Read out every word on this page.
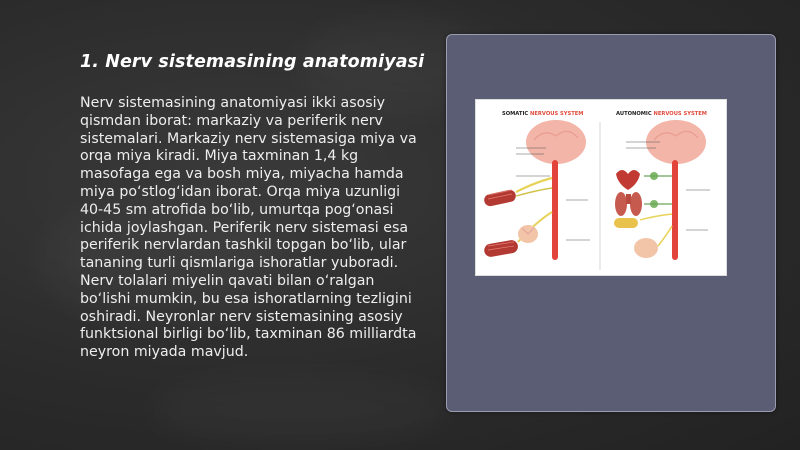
1. Nerv sistemasining anatomiyasi
Nerv sistemasining anatomiyasi ikki asosiy qismdan iborat: markaziy va periferik nerv sistemalari. Markaziy nerv sistemasiga miya va orqa miya kiradi. Miya taxminan 1,4 kg masofaga ega va bosh miya, miyacha hamda miya po‘stlog‘idan iborat. Orqa miya uzunligi 40-45 sm atrofida bo‘lib, umurtqa pog‘onasi ichida joylashgan. Periferik nerv sistemasi esa periferik nervlardan tashkil topgan bo‘lib, ular tananing turli qismlariga ishoratlar yuboradi. Nerv tolalari miyelin qavati bilan o‘ralgan bo‘lishi mumkin, bu esa ishoratlarning tezligini oshiradi. Neyronlar nerv sistemasining asosiy funktsional birligi bo‘lib, taxminan 86 milliardta neyron miyada mavjud.
SOMATIC NERVOUS SYSTEM	AUTONOMIC NERVOUS SYSTEM
